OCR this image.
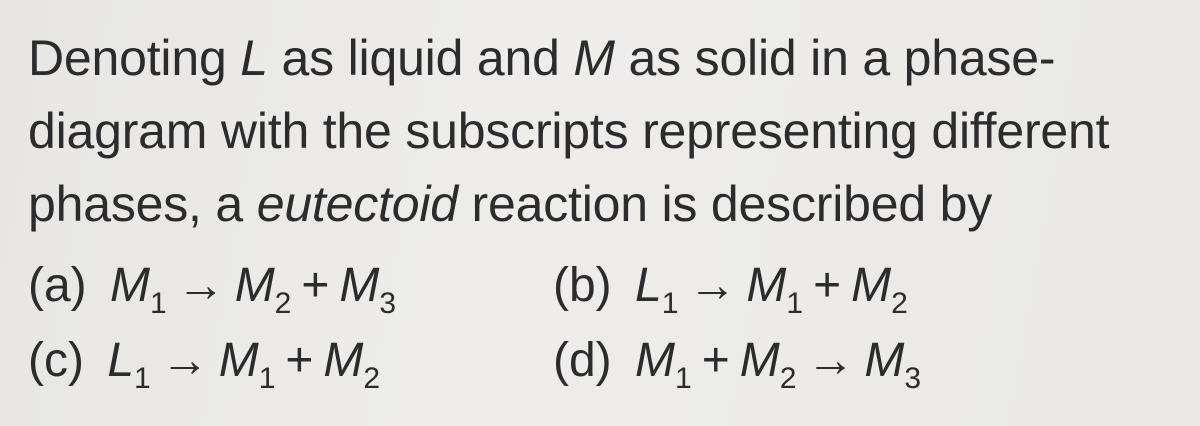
Denoting L as liquid and M as solid in a phase-
diagram with the subscripts representing different
phases, a eutectoid reaction is described by
(a) $M_1 \to M_2 + M_3$	(b) $L_1 \to M_1 + M_2$
(c) $L_1 \to M_1 + M_2$	(d) $M_1 + M_2 \to M_3$
